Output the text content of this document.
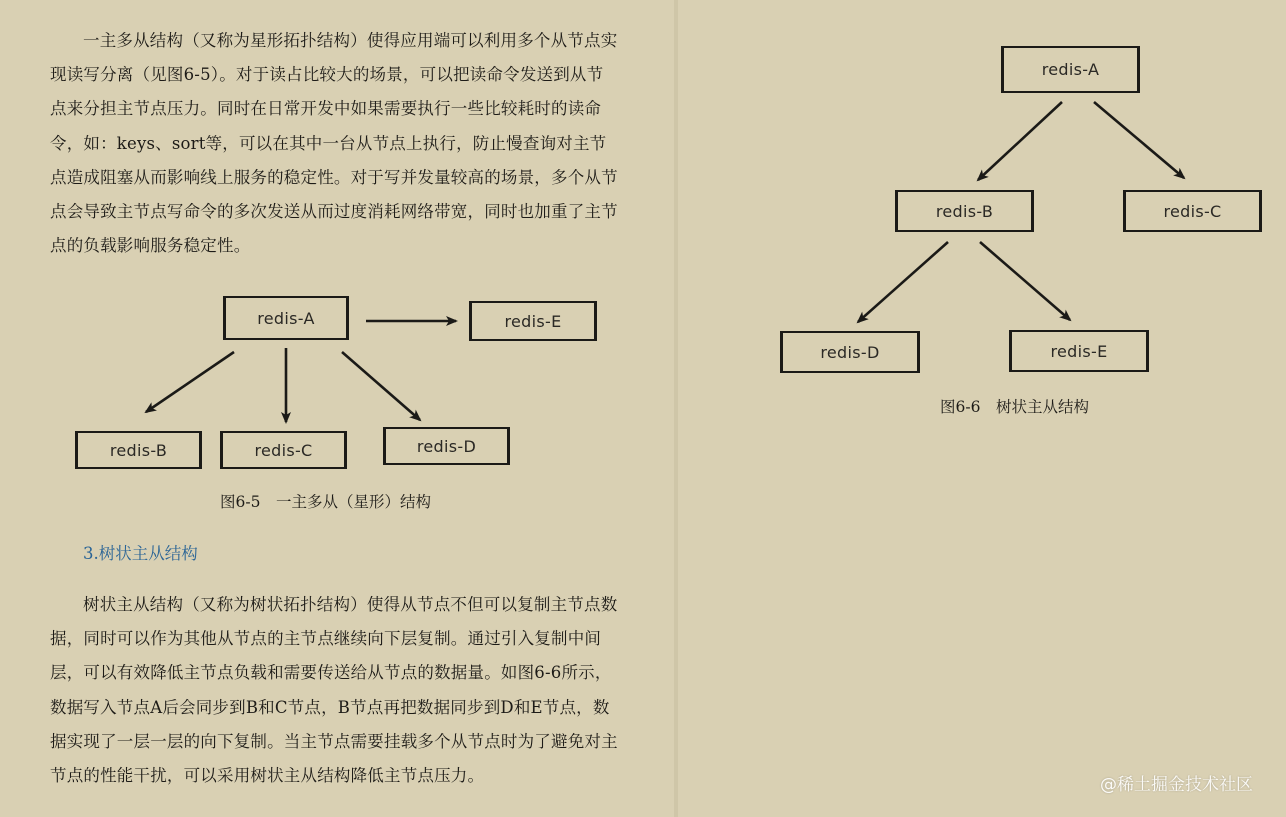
一主多从结构（又称为星形拓扑结构）使得应用端可以利用多个从节点实现读写分离（见图6-5）。对于读占比较大的场景，可以把读命令发送到从节点来分担主节点压力。同时在日常开发中如果需要执行一些比较耗时的读命令，如：keys、sort等，可以在其中一台从节点上执行，防止慢查询对主节点造成阻塞从而影响线上服务的稳定性。对于写并发量较高的场景，多个从节点会导致主节点写命令的多次发送从而过度消耗网络带宽，同时也加重了主节点的负载影响服务稳定性。

redis-A	redis-E
redis-B	redis-C	redis-D

图6-5　一主多从（星形）结构

3.树状主从结构

树状主从结构（又称为树状拓扑结构）使得从节点不但可以复制主节点数据，同时可以作为其他从节点的主节点继续向下层复制。通过引入复制中间层，可以有效降低主节点负载和需要传送给从节点的数据量。如图6-6所示，数据写入节点A后会同步到B和C节点，B节点再把数据同步到D和E节点，数据实现了一层一层的向下复制。当主节点需要挂载多个从节点时为了避免对主节点的性能干扰，可以采用树状主从结构降低主节点压力。

redis-A
redis-B	redis-C
redis-D	redis-E

图6-6　树状主从结构

@稀土掘金技术社区
